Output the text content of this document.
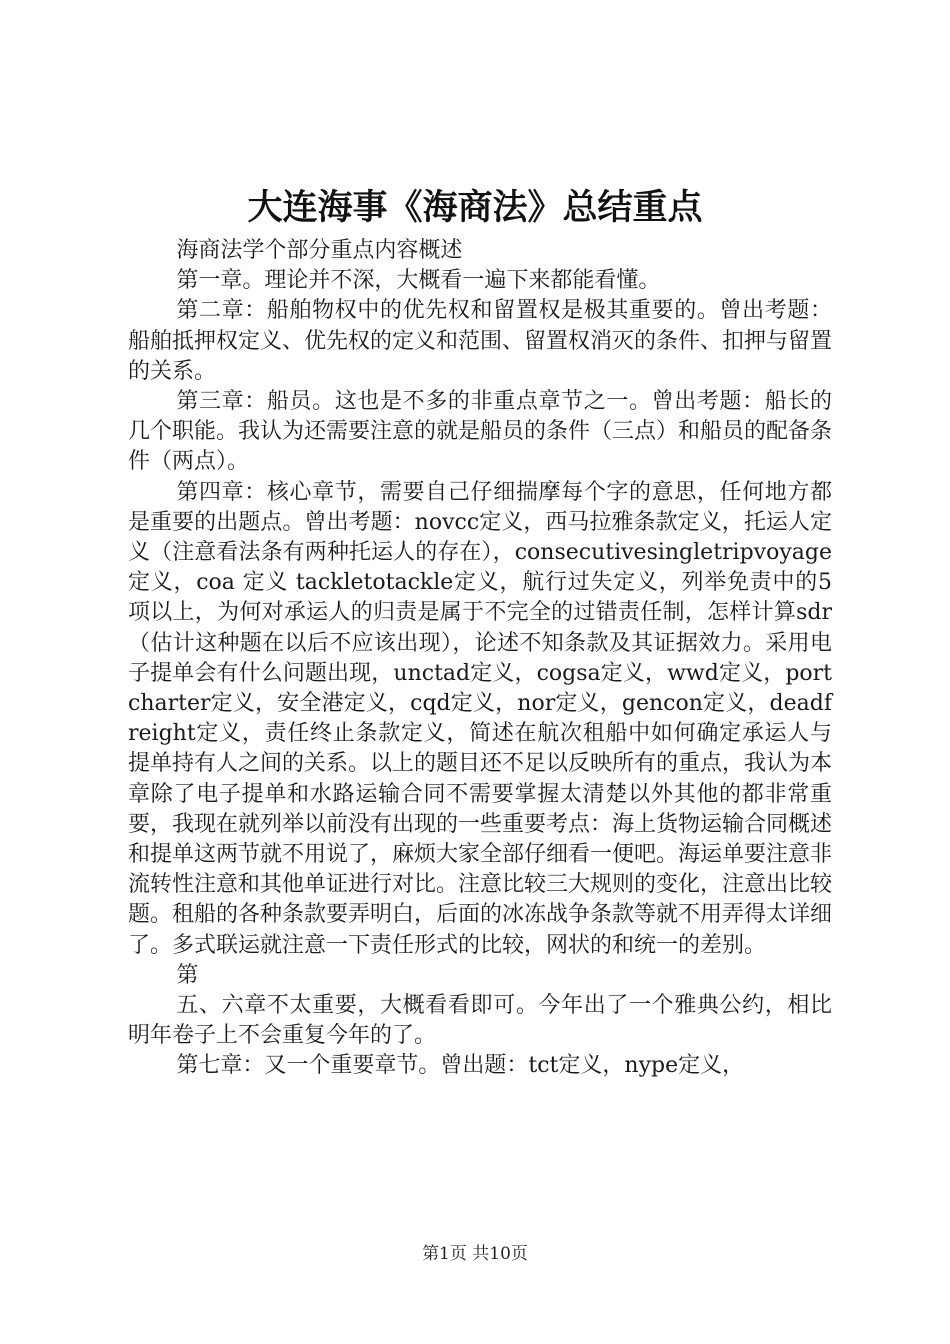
大连海事《海商法》总结重点

海商法学个部分重点内容概述

第一章。理论并不深，大概看一遍下来都能看懂。

第二章：船舶物权中的优先权和留置权是极其重要的。曾出考题：船舶抵押权定义、优先权的定义和范围、留置权消灭的条件、扣押与留置的关系。

第三章：船员。这也是不多的非重点章节之一。曾出考题：船长的几个职能。我认为还需要注意的就是船员的条件（三点）和船员的配备条件（两点）。

第四章：核心章节，需要自己仔细揣摩每个字的意思，任何地方都是重要的出题点。曾出考题：novcc定义，西马拉雅条款定义，托运人定义（注意看法条有两种托运人的存在），consecutivesingletripvoyage 定义，coa 定义 tackletotackle定义，航行过失定义，列举免责中的5项以上，为何对承运人的归责是属于不完全的过错责任制，怎样计算sdr（估计这种题在以后不应该出现），论述不知条款及其证据效力。采用电子提单会有什么问题出现，unctad定义，cogsa定义，wwd定义，portcharter定义，安全港定义，cqd定义，nor定义，gencon定义，deadfreight定义，责任终止条款定义，简述在航次租船中如何确定承运人与提单持有人之间的关系。以上的题目还不足以反映所有的重点，我认为本章除了电子提单和水路运输合同不需要掌握太清楚以外其他的都非常重要，我现在就列举以前没有出现的一些重要考点：海上货物运输合同概述和提单这两节就不用说了，麻烦大家全部仔细看一便吧。海运单要注意非流转性注意和其他单证进行对比。注意比较三大规则的变化，注意出比较题。租船的各种条款要弄明白，后面的冰冻战争条款等就不用弄得太详细了。多式联运就注意一下责任形式的比较，网状的和统一的差别。

第

五、六章不太重要，大概看看即可。今年出了一个雅典公约，相比明年卷子上不会重复今年的了。

第七章：又一个重要章节。曾出题：tct定义，nype定义，

第1页 共10页
